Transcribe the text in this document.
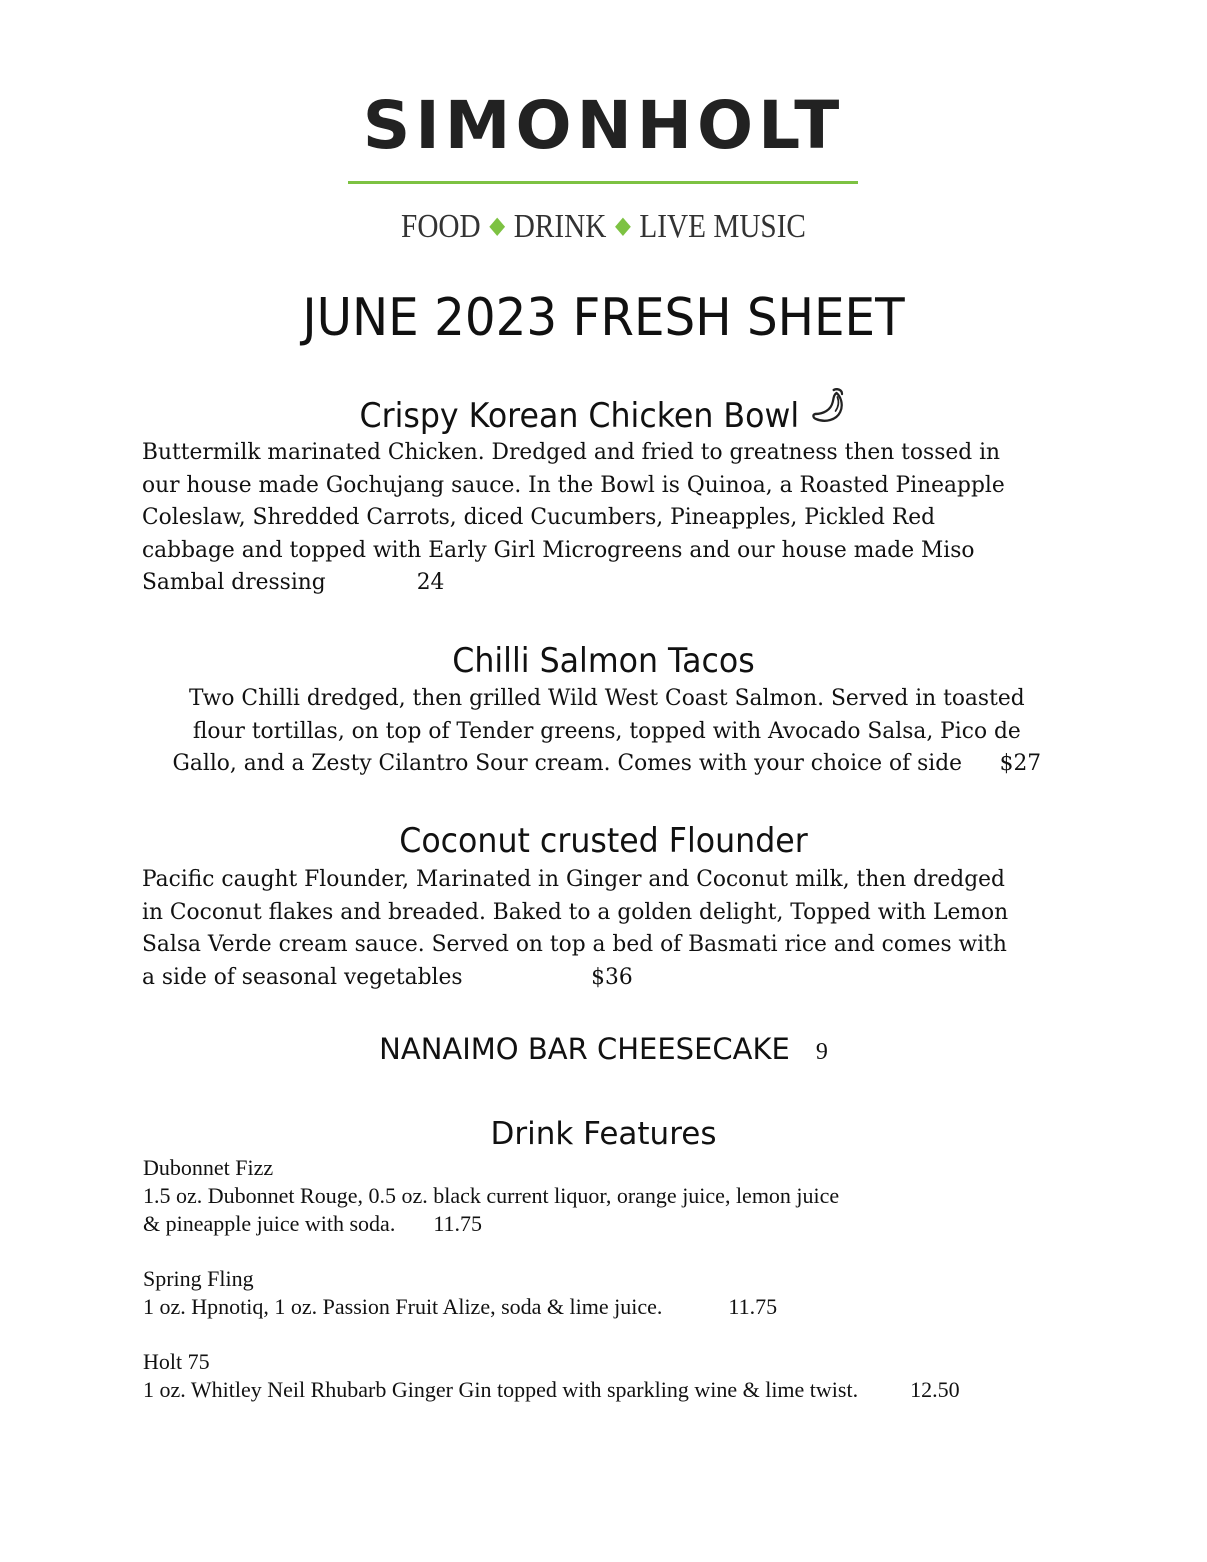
SIMONHOLT
FOOD ◆ DRINK ◆ LIVE MUSIC
JUNE 2023 FRESH SHEET
Crispy Korean Chicken Bowl
Buttermilk marinated Chicken. Dredged and fried to greatness then tossed in
our house made Gochujang sauce. In the Bowl is Quinoa, a Roasted Pineapple
Coleslaw, Shredded Carrots, diced Cucumbers, Pineapples, Pickled Red
cabbage and topped with Early Girl Microgreens and our house made Miso
Sambal dressing	24
Chilli Salmon Tacos
Two Chilli dredged, then grilled Wild West Coast Salmon. Served in toasted
flour tortillas, on top of Tender greens, topped with Avocado Salsa, Pico de
Gallo, and a Zesty Cilantro Sour cream. Comes with your choice of side $27
Coconut crusted Flounder
Pacific caught Flounder, Marinated in Ginger and Coconut milk, then dredged
in Coconut flakes and breaded. Baked to a golden delight, Topped with Lemon
Salsa Verde cream sauce. Served on top a bed of Basmati rice and comes with
a side of seasonal vegetables	$36
NANAIMO BAR CHEESECAKE 9
Drink Features
Dubonnet Fizz
1.5 oz. Dubonnet Rouge, 0.5 oz. black current liquor, orange juice, lemon juice
& pineapple juice with soda. 11.75
Spring Fling
1 oz. Hpnotiq, 1 oz. Passion Fruit Alize, soda & lime juice.	11.75
Holt 75
1 oz. Whitley Neil Rhubarb Ginger Gin topped with sparkling wine & lime twist. 12.50
